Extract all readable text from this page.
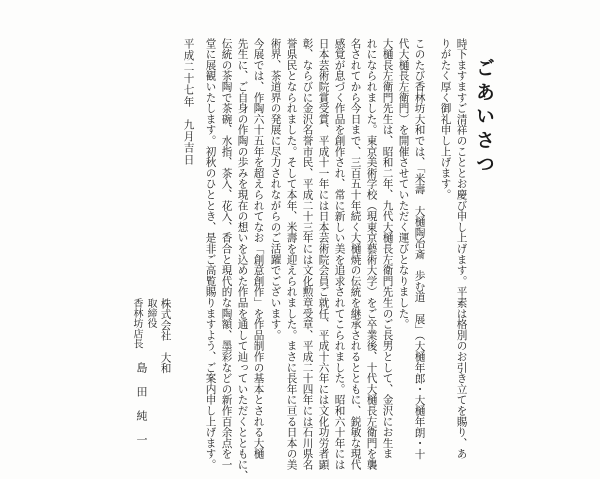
ごあいさつ
時下ますますご清祥のこととお慶び申し上げます。平素は格別のお引き立てを賜り、あ
りがたく厚く御礼申し上げます。
このたび香林坊大和では、「米壽　大樋陶冶斎　歩む道　展」（大樋年郎・大樋年朗・十
代大樋長左衛門）を開催させていただく運びとなりました。
大樋長左衛門先生は、昭和二年、九代大樋長左衛門先生のご長男として、金沢にお生ま
れになられました。東京美術学校（現東京藝術大学）をご卒業後、十代大樋長左衛門を襲
名されてから今日まで、三百五十年続く大樋焼の伝統を継承されるとともに、鋭敏な現代
感覚が息づく作品を創作され、常に新しい美を追求されてこられました。昭和六十年には
日本芸術院賞受賞、平成十一年には日本芸術院会員ご就任、平成十六年には文化功労者顕
彰、ならびに金沢名誉市民、平成二十三年には文化勲章受章、平成二十四年には石川県名
誉県民となられました。そして本年、米壽を迎えられました。まさに長年に亘る日本の美
術界、茶道界の発展に尽力されながらのご活躍でございます。
今展では、作陶六十五年を超えられてなお「創意創作」を作品制作の基本とされる大樋
先生に、ご自身の作陶の歩みを現在の想いを込めた作品を通して辿っていただくとともに、
伝統の茶陶で茶碗、水指、茶入、花入、香合と現代的な陶額、墨彩などの新作百余点を一
堂に展観いたします。初秋のひととき、是非ご高覧賜りますよう、ご案内申し上げます。
平成二十七年　九月吉日
株式会社　大和
取締役
香林坊店長
島　田　純　一
